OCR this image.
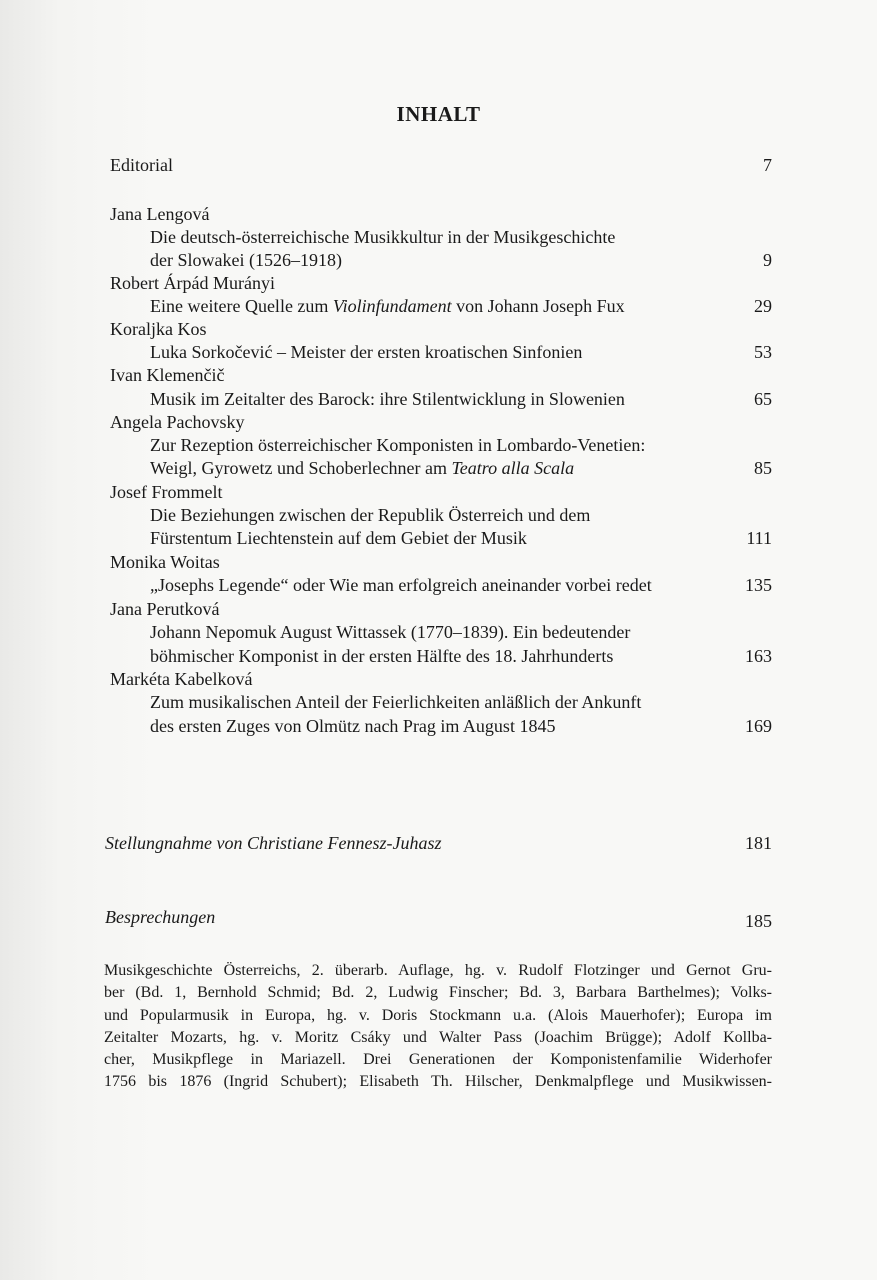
INHALT
Editorial	7
Jana Lengová
Die deutsch-österreichische Musikkultur in der Musikgeschichte
der Slowakei (1526–1918)	9
Robert Árpád Murányi
Eine weitere Quelle zum Violinfundament von Johann Joseph Fux	29
Koraljka Kos
Luka Sorkočević – Meister der ersten kroatischen Sinfonien	53
Ivan Klemenčič
Musik im Zeitalter des Barock: ihre Stilentwicklung in Slowenien	65
Angela Pachovsky
Zur Rezeption österreichischer Komponisten in Lombardo-Venetien:
Weigl, Gyrowetz und Schoberlechner am Teatro alla Scala	85
Josef Frommelt
Die Beziehungen zwischen der Republik Österreich und dem
Fürstentum Liechtenstein auf dem Gebiet der Musik	111
Monika Woitas
„Josephs Legende“ oder Wie man erfolgreich aneinander vorbei redet	135
Jana Perutková
Johann Nepomuk August Wittassek (1770–1839). Ein bedeutender
böhmischer Komponist in der ersten Hälfte des 18. Jahrhunderts	163
Markéta Kabelková
Zum musikalischen Anteil der Feierlichkeiten anläßlich der Ankunft
des ersten Zuges von Olmütz nach Prag im August 1845	169
Stellungnahme von Christiane Fennesz-Juhasz	181
Besprechungen	185

Musikgeschichte Österreichs, 2. überarb. Auflage, hg. v. Rudolf Flotzinger und Gernot Gru-

ber (Bd. 1, Bernhold Schmid; Bd. 2, Ludwig Finscher; Bd. 3, Barbara Barthelmes); Volks-

und Popularmusik in Europa, hg. v. Doris Stockmann u.a. (Alois Mauerhofer); Europa im

Zeitalter Mozarts, hg. v. Moritz Csáky und Walter Pass (Joachim Brügge); Adolf Kollba-

cher, Musikpflege in Mariazell. Drei Generationen der Komponistenfamilie Widerhofer

1756 bis 1876 (Ingrid Schubert); Elisabeth Th. Hilscher, Denkmalpflege und Musikwissen-
